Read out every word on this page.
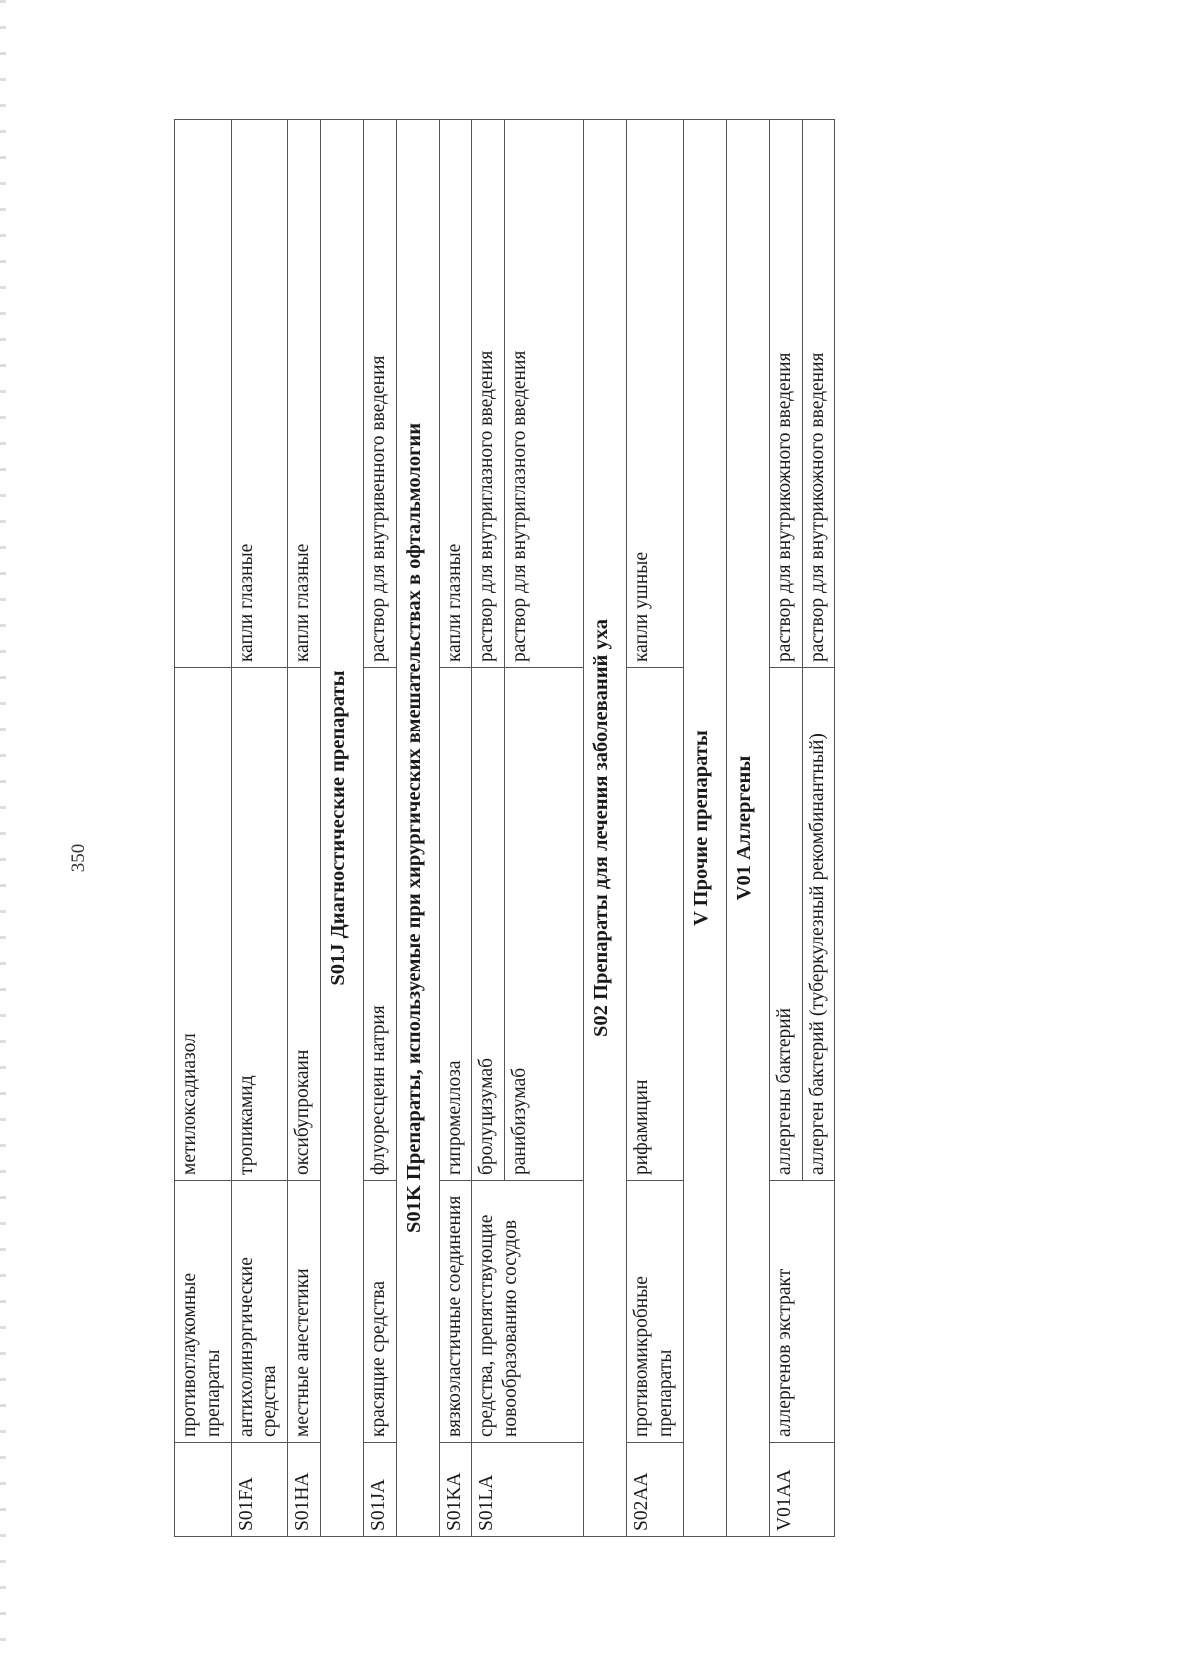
350
	противоглаукомные препараты	метилоксадиазол	
S01FA	антихолинэргические средства	тропикамид	капли глазные
S01HA	местные анестетики	оксибупрокаин	капли глазные
S01J Диагностические препараты			
S01JA	красящие средства	флуоресцеин натрия	раствор для внутривенного введения
S01K Препараты, используемые при хирургических вмешательствах в офтальмологии			
S01KA	вязкоэластичные соединения	гипромеллоза	капли глазные
S01LA	средства, препятствующие новообразованию сосудов	бролуцизумаб	раствор для внутриглазного введения
		ранибизумаб	раствор для внутриглазного введения
S02 Препараты для лечения заболеваний уха			
S02AA	противомикробные препараты	рифамицин	капли ушные
V Прочие препараты			
V01 Аллергены			
V01AA	аллергенов экстракт	аллергены бактерий	раствор для внутрикожного введения
		аллерген бактерий (туберкулезный рекомбинантный)	раствор для внутрикожного введения
